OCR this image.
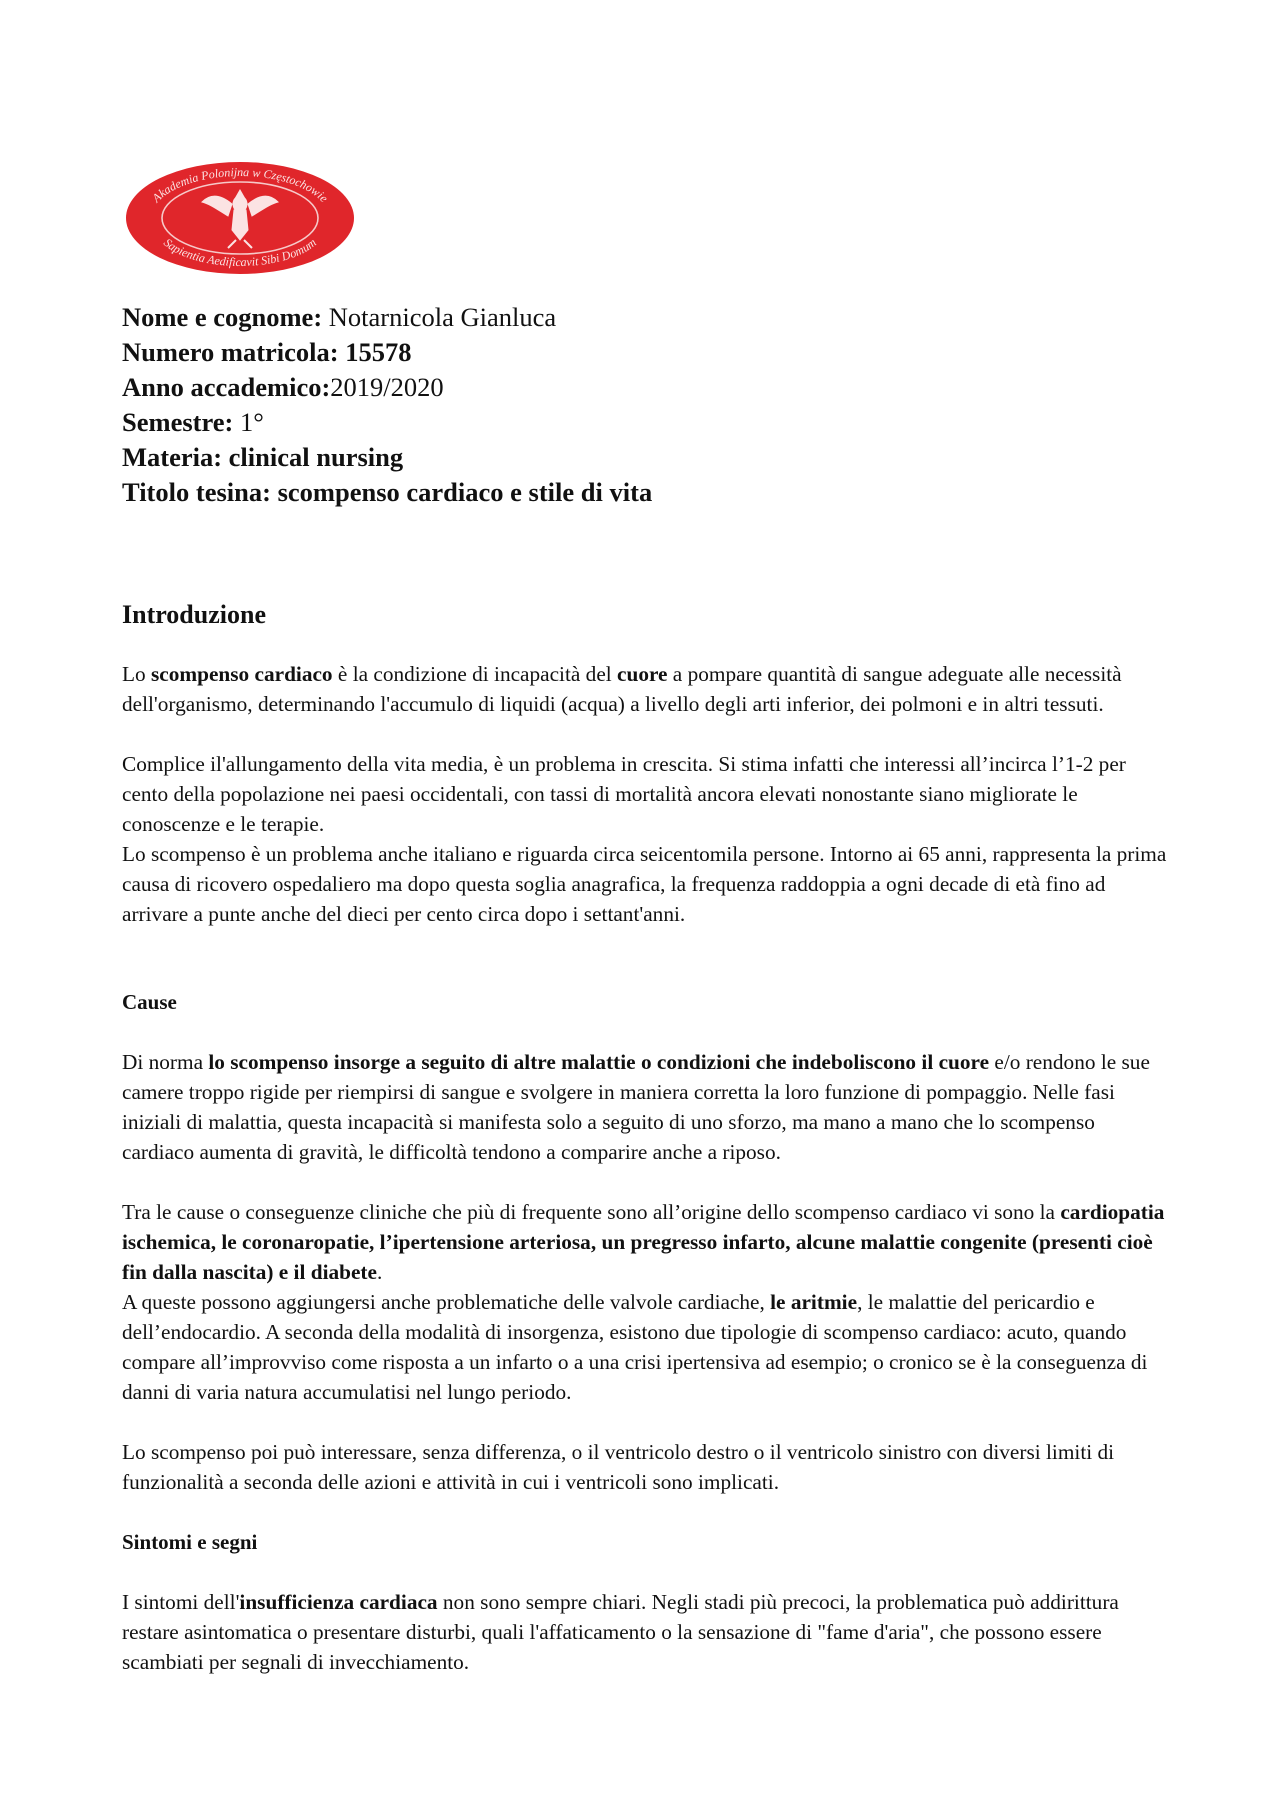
Akademia Polonijna w Częstochowie
Sapientia Aedificavit Sibi Domum
Nome e cognome: Notarnicola Gianluca
Numero matricola: 15578
Anno accademico:2019/2020
Semestre: 1°
Materia: clinical nursing
Titolo tesina: scompenso cardiaco e stile di vita
Introduzione

Lo scompenso cardiaco è la condizione di incapacità del cuore a pompare quantità di sangue adeguate alle necessità dell'organismo, determinando l'accumulo di liquidi (acqua) a livello degli arti inferior, dei polmoni e in altri tessuti.

Complice il'allungamento della vita media, è un problema in crescita. Si stima infatti che interessi all’incirca l’1-2 per cento della popolazione nei paesi occidentali, con tassi di mortalità ancora elevati nonostante siano migliorate le conoscenze e le terapie.

Lo scompenso è un problema anche italiano e riguarda circa seicentomila persone. Intorno ai 65 anni, rappresenta la prima causa di ricovero ospedaliero ma dopo questa soglia anagrafica, la frequenza raddoppia a ogni decade di età fino ad arrivare a punte anche del dieci per cento circa dopo i settant'anni.

Cause

Di norma lo scompenso insorge a seguito di altre malattie o condizioni che indeboliscono il cuore e/o rendono le sue camere troppo rigide per riempirsi di sangue e svolgere in maniera corretta la loro funzione di pompaggio. Nelle fasi iniziali di malattia, questa incapacità si manifesta solo a seguito di uno sforzo, ma mano a mano che lo scompenso cardiaco aumenta di gravità, le difficoltà tendono a comparire anche a riposo.

Tra le cause o conseguenze cliniche che più di frequente sono all’origine dello scompenso cardiaco vi sono la cardiopatia ischemica, le coronaropatie, l’ipertensione arteriosa, un pregresso infarto, alcune malattie congenite (presenti cioè fin dalla nascita) e il diabete.

A queste possono aggiungersi anche problematiche delle valvole cardiache, le aritmie, le malattie del pericardio e dell’endocardio. A seconda della modalità di insorgenza, esistono due tipologie di scompenso cardiaco: acuto, quando compare all’improvviso come risposta a un infarto o a una crisi ipertensiva ad esempio; o cronico se è la conseguenza di danni di varia natura accumulatisi nel lungo periodo.

Lo scompenso poi può interessare, senza differenza, o il ventricolo destro o il ventricolo sinistro con diversi limiti di funzionalità a seconda delle azioni e attività in cui i ventricoli sono implicati.

Sintomi e segni

I sintomi dell'insufficienza cardiaca non sono sempre chiari. Negli stadi più precoci, la problematica può addirittura restare asintomatica o presentare disturbi, quali l'affaticamento o la sensazione di "fame d'aria", che possono essere scambiati per segnali di invecchiamento.
